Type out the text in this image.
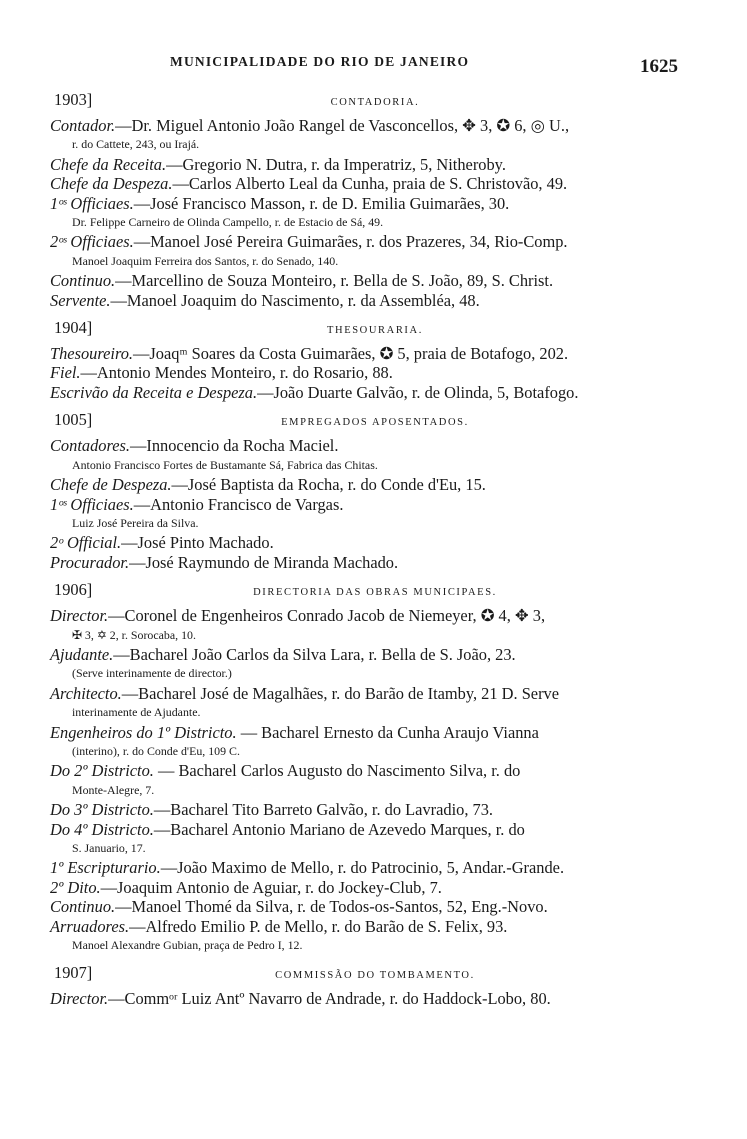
MUNICIPALIDADE DO RIO DE JANEIRO	1625
1903]	CONTADORIA.
Contador.—Dr. Miguel Antonio João Rangel de Vasconcellos, ✥ 3, ✪ 6, ◎ U.,
r. do Cattete, 243, ou Irajá.
Chefe da Receita.—Gregorio N. Dutra, r. da Imperatriz, 5, Nitheroby.
Chefe da Despeza.—Carlos Alberto Leal da Cunha, praia de S. Christovão, 49.
1ᵒˢ Officiaes.—José Francisco Masson, r. de D. Emilia Guimarães, 30.
Dr. Felippe Carneiro de Olinda Campello, r. de Estacio de Sá, 49.
2ᵒˢ Officiaes.—Manoel José Pereira Guimarães, r. dos Prazeres, 34, Rio-Comp.
Manoel Joaquim Ferreira dos Santos, r. do Senado, 140.
Continuo.—Marcellino de Souza Monteiro, r. Bella de S. João, 89, S. Christ.
Servente.—Manoel Joaquim do Nascimento, r. da Assembléa, 48.
1904]	THESOURARIA.
Thesoureiro.—Joaqᵐ Soares da Costa Guimarães, ✪ 5, praia de Botafogo, 202.
Fiel.—Antonio Mendes Monteiro, r. do Rosario, 88.
Escrivão da Receita e Despeza.—João Duarte Galvão, r. de Olinda, 5, Botafogo.
1005]	EMPREGADOS APOSENTADOS.
Contadores.—Innocencio da Rocha Maciel.
Antonio Francisco Fortes de Bustamante Sá, Fabrica das Chitas.
Chefe de Despeza.—José Baptista da Rocha, r. do Conde d'Eu, 15.
1ᵒˢ Officiaes.—Antonio Francisco de Vargas.
Luiz José Pereira da Silva.
2ᵒ Official.—José Pinto Machado.
Procurador.—José Raymundo de Miranda Machado.
1906]	DIRECTORIA DAS OBRAS MUNICIPAES.
Director.—Coronel de Engenheiros Conrado Jacob de Niemeyer, ✪ 4, ✥ 3,
✠ 3, ✡ 2, r. Sorocaba, 10.
Ajudante.—Bacharel João Carlos da Silva Lara, r. Bella de S. João, 23.
(Serve interinamente de director.)
Architecto.—Bacharel José de Magalhães, r. do Barão de Itamby, 21 D. Serve
interinamente de Ajudante.
Engenheiros do 1º Districto. — Bacharel Ernesto da Cunha Araujo Vianna
(interino), r. do Conde d'Eu, 109 C.
Do 2º Districto. — Bacharel Carlos Augusto do Nascimento Silva, r. do
Monte-Alegre, 7.
Do 3º Districto.—Bacharel Tito Barreto Galvão, r. do Lavradio, 73.
Do 4º Districto.—Bacharel Antonio Mariano de Azevedo Marques, r. do
S. Januario, 17.
1º Escripturario.—João Maximo de Mello, r. do Patrocinio, 5, Andar.-Grande.
2º Dito.—Joaquim Antonio de Aguiar, r. do Jockey-Club, 7.
Continuo.—Manoel Thomé da Silva, r. de Todos-os-Santos, 52, Eng.-Novo.
Arruadores.—Alfredo Emilio P. de Mello, r. do Barão de S. Felix, 93.
Manoel Alexandre Gubian, praça de Pedro I, 12.
1907]	COMMISSÃO DO TOMBAMENTO.
Director.—Commᵒʳ Luiz Antº Navarro de Andrade, r. do Haddock-Lobo, 80.
